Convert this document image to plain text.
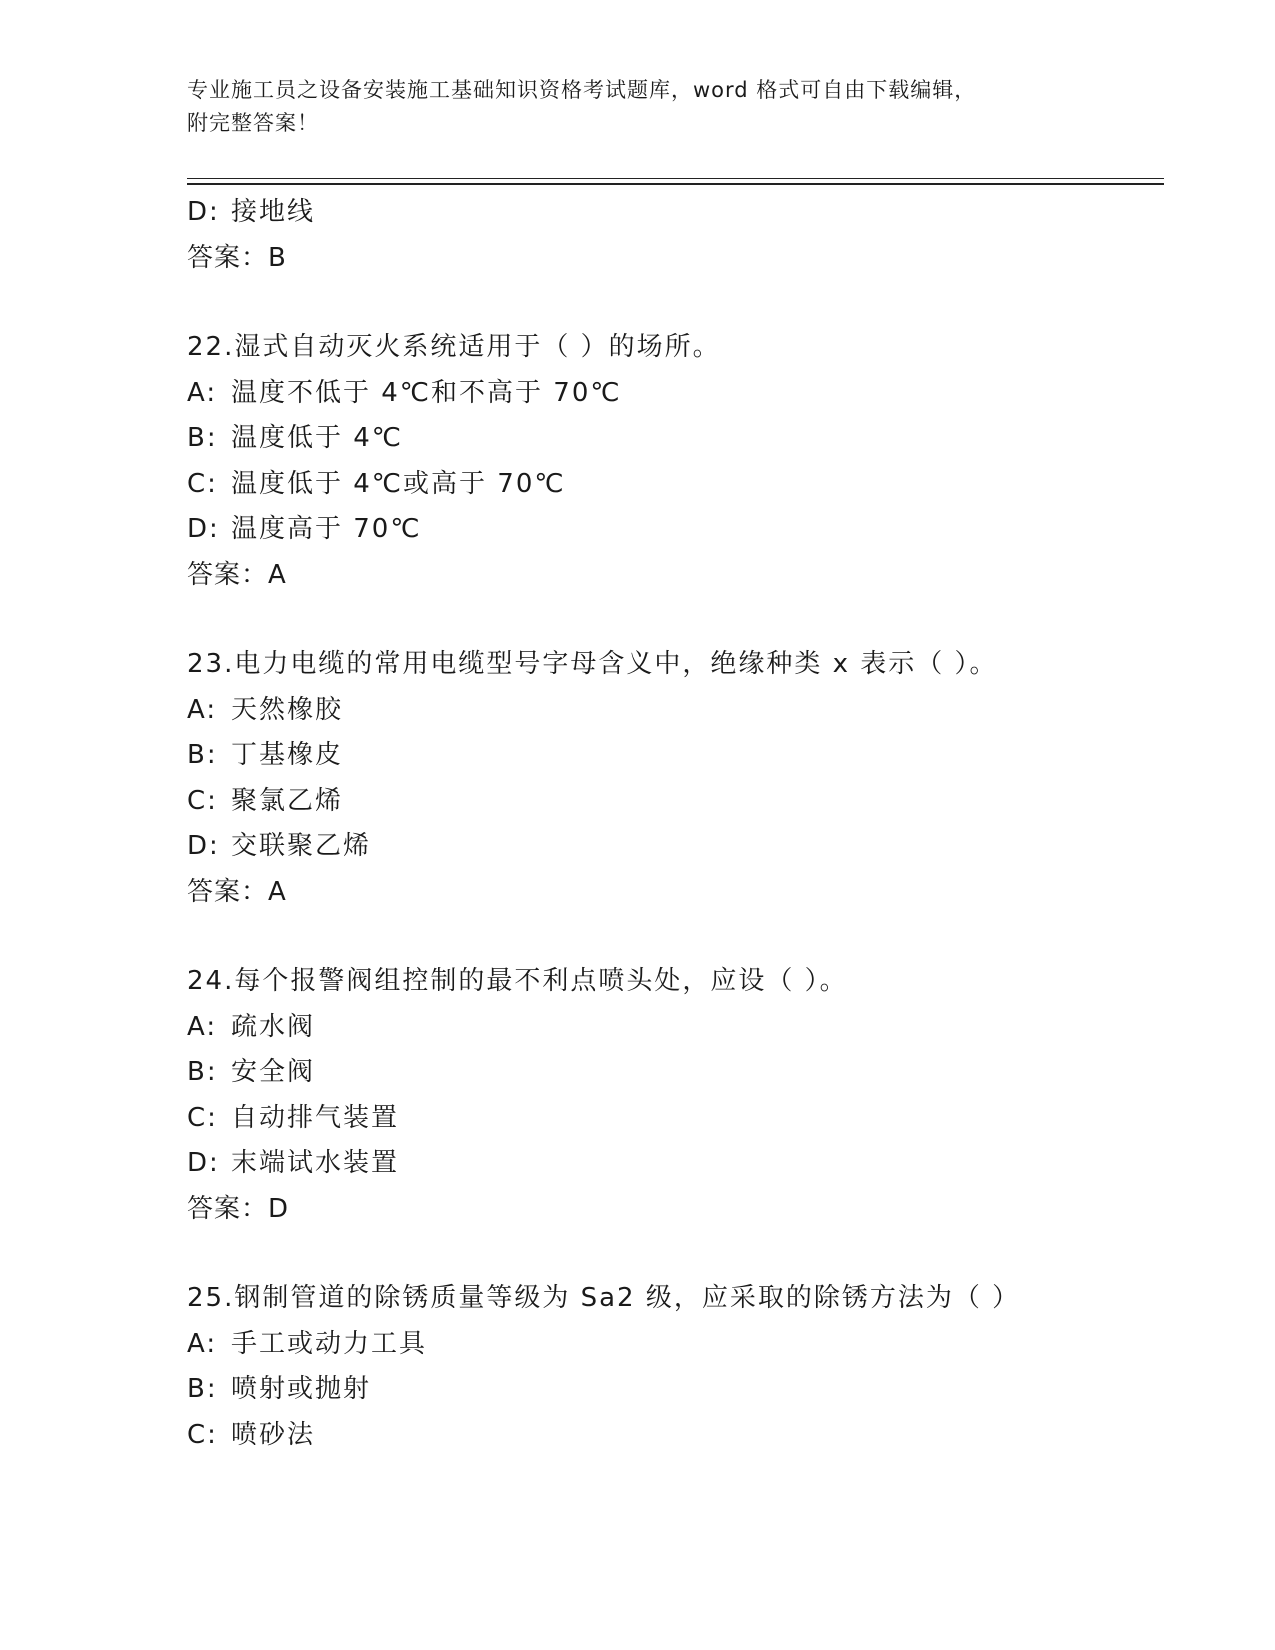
专业施工员之设备安装施工基础知识资格考试题库，word 格式可自由下载编辑，
附完整答案！
D: 接地线
答案：B
22.湿式自动灭火系统适用于（ ）的场所。
A: 温度不低于 4℃和不高于 70℃
B: 温度低于 4℃
C: 温度低于 4℃或高于 70℃
D: 温度高于 70℃
答案：A
23.电力电缆的常用电缆型号字母含义中，绝缘种类 x 表示（ ）。
A: 天然橡胶
B: 丁基橡皮
C: 聚氯乙烯
D: 交联聚乙烯
答案：A
24.每个报警阀组控制的最不利点喷头处，应设（ ）。
A: 疏水阀
B: 安全阀
C: 自动排气装置
D: 末端试水装置
答案：D
25.钢制管道的除锈质量等级为 Sa2 级，应采取的除锈方法为（ ）
A: 手工或动力工具
B: 喷射或抛射
C: 喷砂法
